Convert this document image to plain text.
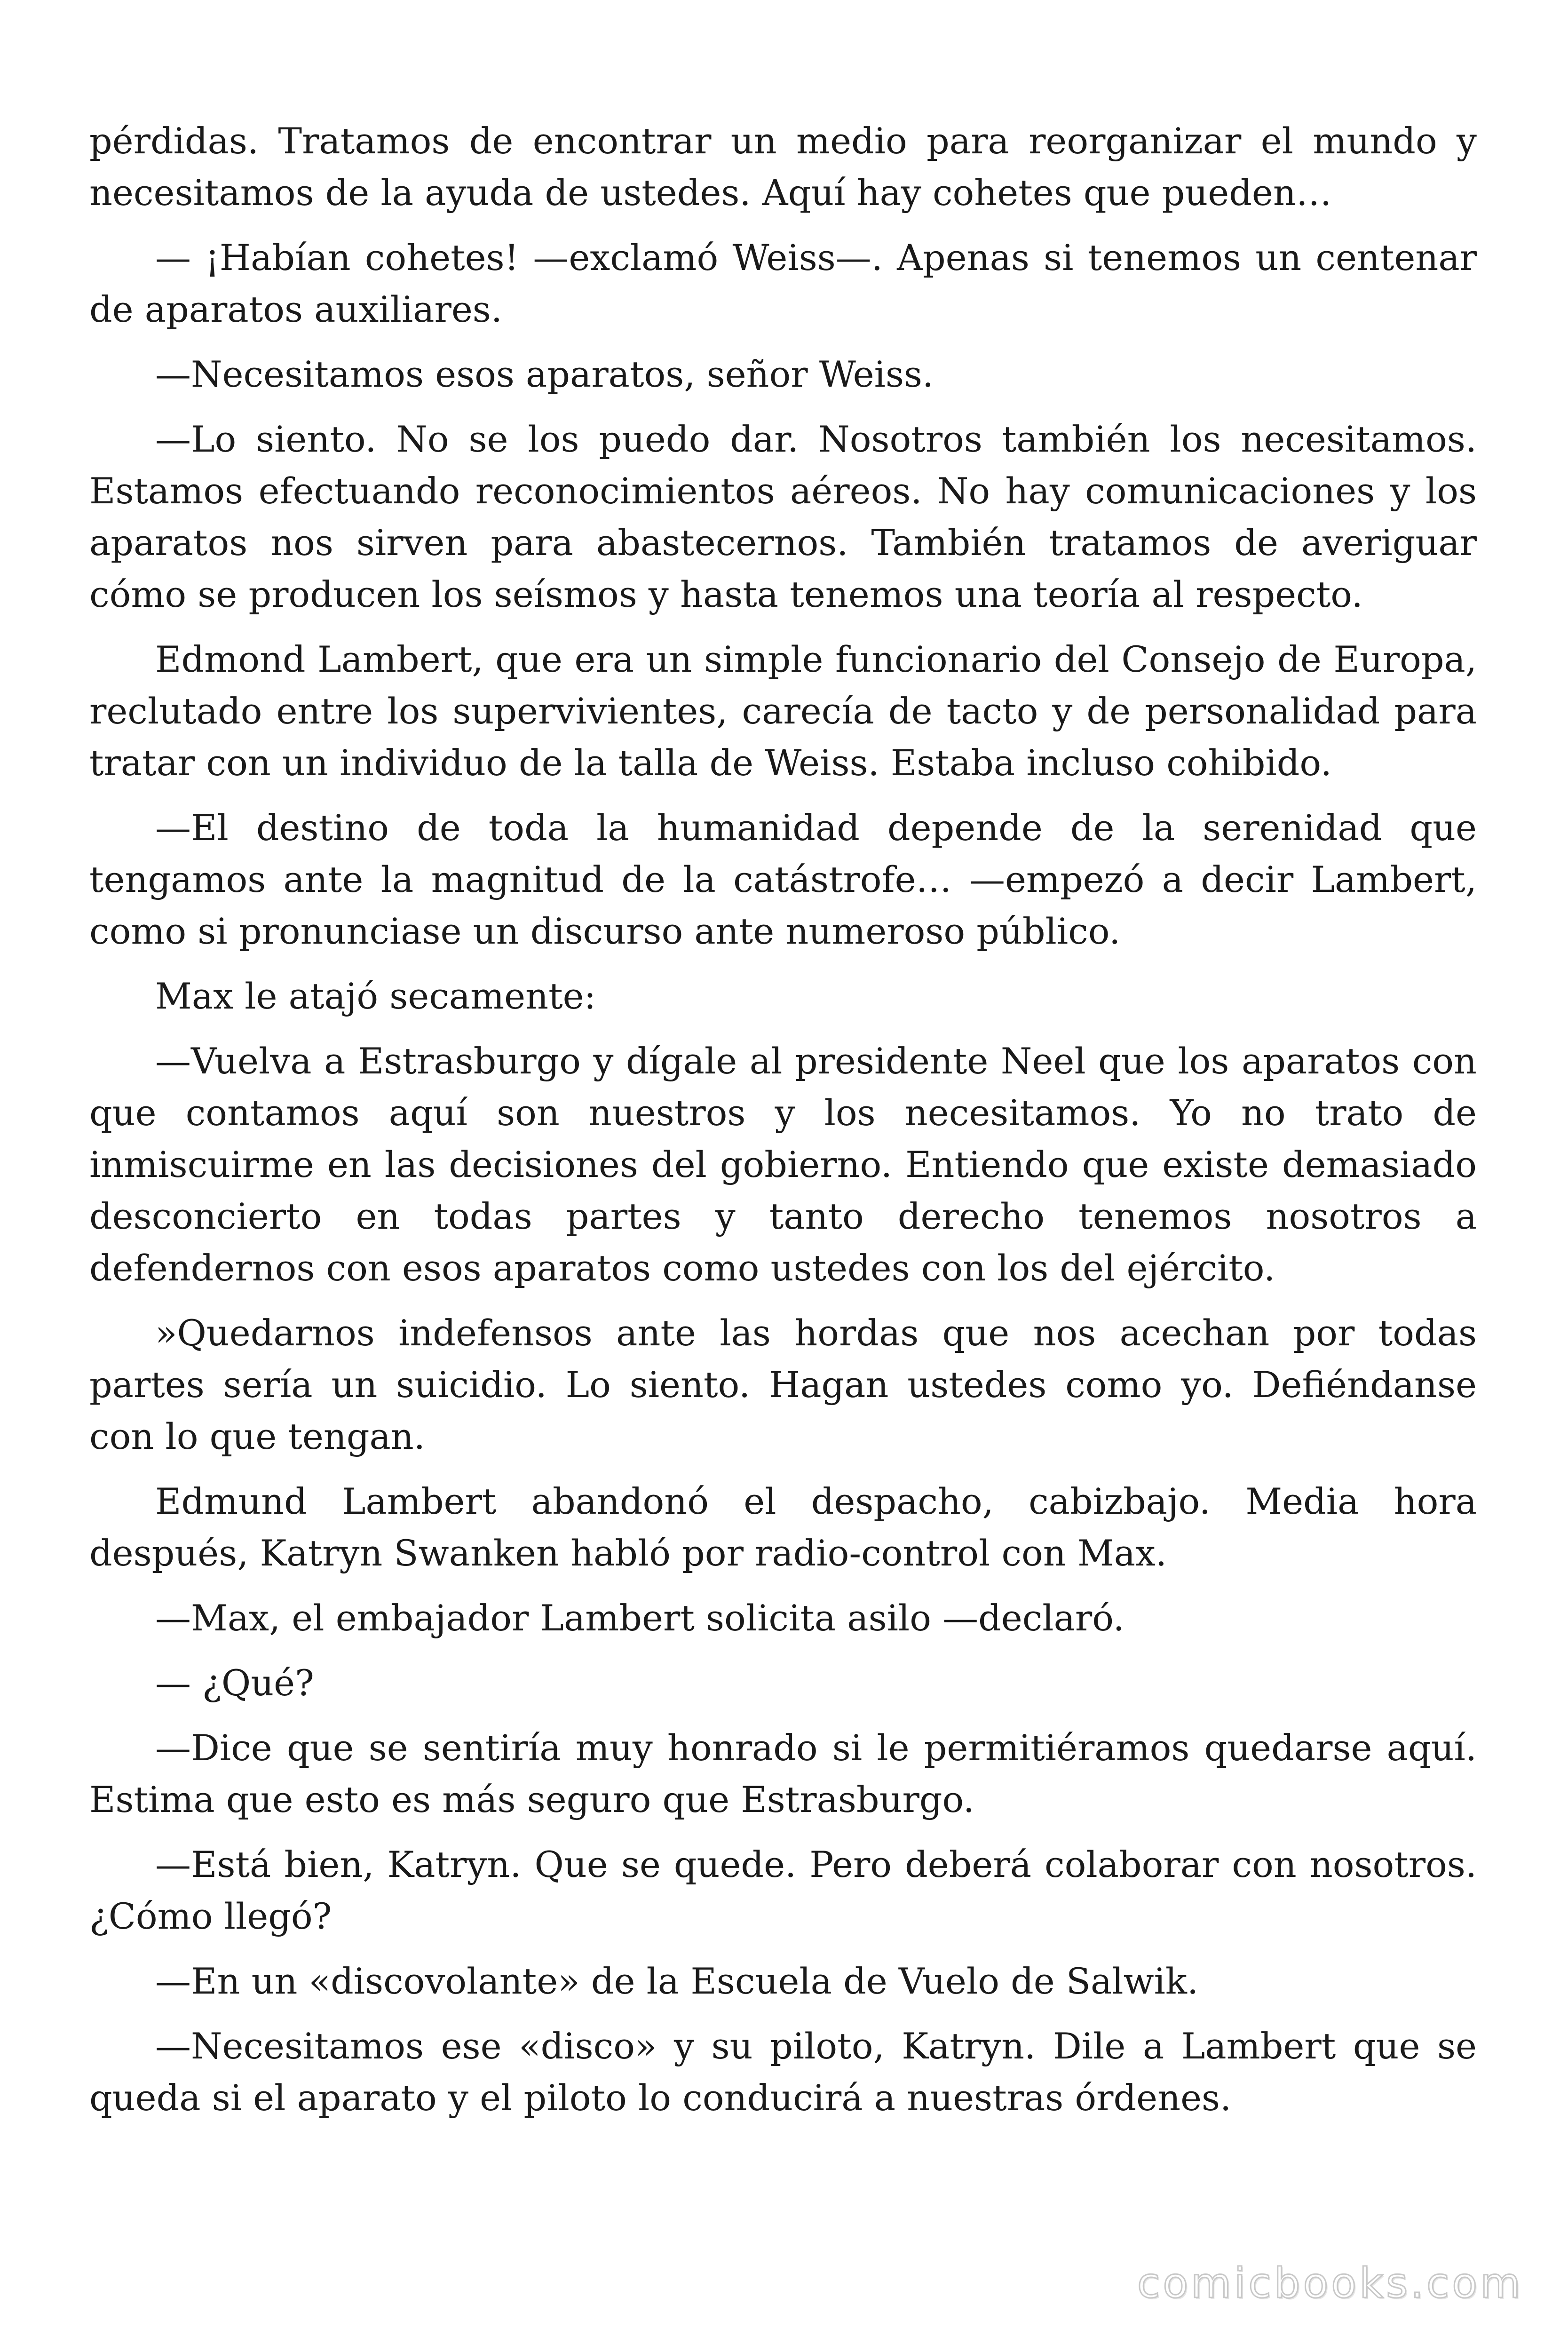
pérdidas. Tratamos de encontrar un medio para reorganizar el mundo y necesitamos de la ayuda de ustedes. Aquí hay cohetes que pueden…

— ¡Habían cohetes! —exclamó Weiss—. Apenas si tenemos un centenar de aparatos auxiliares.

—Necesitamos esos aparatos, señor Weiss.

—Lo siento. No se los puedo dar. Nosotros también los necesitamos. Estamos efectuando reconocimientos aéreos. No hay comunicaciones y los aparatos nos sirven para abastecernos. También tratamos de averiguar cómo se producen los seísmos y hasta tenemos una teoría al respecto.

Edmond Lambert, que era un simple funcionario del Consejo de Europa, reclutado entre los supervivientes, carecía de tacto y de personalidad para tratar con un individuo de la talla de Weiss. Estaba incluso cohibido.

—El destino de toda la humanidad depende de la serenidad que tengamos ante la magnitud de la catástrofe… —empezó a decir Lambert, como si pronunciase un discurso ante numeroso público.

Max le atajó secamente:

—Vuelva a Estrasburgo y dígale al presidente Neel que los aparatos con que contamos aquí son nuestros y los necesitamos. Yo no trato de inmiscuirme en las decisiones del gobierno. Entiendo que existe demasiado desconcierto en todas partes y tanto derecho tenemos nosotros a defendernos con esos aparatos como ustedes con los del ejército.

»Quedarnos indefensos ante las hordas que nos acechan por todas partes sería un suicidio. Lo siento. Hagan ustedes como yo. Defiéndanse con lo que tengan.

Edmund Lambert abandonó el despacho, cabizbajo. Media hora después, Katryn Swanken habló por radio-control con Max.

—Max, el embajador Lambert solicita asilo —declaró.

— ¿Qué?

—Dice que se sentiría muy honrado si le permitiéramos quedarse aquí. Estima que esto es más seguro que Estrasburgo.

—Está bien, Katryn. Que se quede. Pero deberá colaborar con nosotros. ¿Cómo llegó?

—En un «discovolante» de la Escuela de Vuelo de Salwik.

—Necesitamos ese «disco» y su piloto, Katryn. Dile a Lambert que se queda si el aparato y el piloto lo conducirá a nuestras órdenes.

comicbooks.com
